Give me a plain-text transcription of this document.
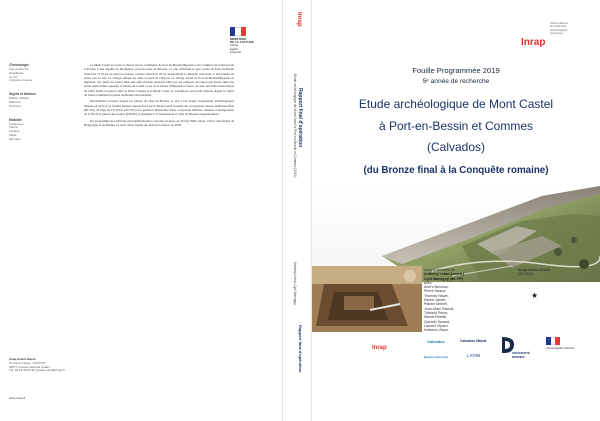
MINISTÈRE
DE LA CULTURE
Liberté
Égalité
Fraternité
Chronologie

Âge du Bronze

Néolithique

Le Fer

Antiquité romaine

Sujets et thèmes

Édifice militaire

Bâtiment

Structure

Mobilier

Céramique

Faune

Lithique

Métal

Monnaie

Le Mont Castel se trouve à cheval sur les communes de Port-en-Bessin-Huppain et de Commes sur le littoral du Calvados à une dizaine de kilomètres au nord-ouest de Bayeux. Le site dominant le port actuel de Port-en-Bessin d'environ 70 m est un éperon rocheux calcaire d'environ 20 ha surplombant la Manche côté nord et descendant en pente vers le sud. Le village antique est situé au pied de l'éperon. Le village actuel de Port-en-Bessin-Huppain est implanté, aux pieds du Castel dans une anfractuosité naturelle bâtie par les remparts de l'Aure qui forme ainsi une petite embouchure séparant le falaise du Castel à l'est de la falaise d'Huppain à l'ouest. Au sud, une butte interrompue du relief forme un goulot entre le Mont Castelet et le Mont Castel, et constitue le seul point d'entrée depuis la vallée de l'Aure terminant la plaine du Bessin environnante.

Durablement occupée depuis les phases de l'âge du Bronze, le site a fait l'objet d'opérations archéologiques menées en 2016. Les fouilles menées depuis 2014 sur le Mont Castel révèlent des occupations datées du Bronze final (BF IIa), de l'âge du Fer (LTA-LTC/D1) et la présence importante d'une occupation militaire romaine contemporaine de la fin de la guerre des Gaules (LTD2b) et préalable à la fondation de la ville de Bayeux/Augustodurum.

Un programme de recherche pluri-institutionnel a été mis en place en 2014 (CNRS, Inrap, CD14, universités de Bourgogne et de Rennes 2), suivi d'une fouille qui devrait s'achever en 2020.

Inrap Grand-Ouest
37 rue du Nègre, CS 67737
35577 Cesson-Sévigné Cedex
Tél. 02 23 36 00 40, grand-ouest@inrap.fr
www.inrap.fr
Inrap
Rapport final d'opération
Etude archéologique de Mont Castel à Port-en-Bessin et Commes (2019)
Anthony Lefort, Cyril Marcigny
Rapport final d'opération
Institut national
de recherches
archéologiques
préventives
Inrap
Fouille Programmée 2019
5ᵉ année de recherche
Etude archéologique de Mont Castel
à Port-en-Bessin et Commes
(Calvados)
(du Bronze final à la Conquête romaine)
sous la direction de
Anthony Lefort (coord.)
Cyril Marcigny (dir. FP)
avec
Axel's Bernoux,
Pierre Giraud,
Thomas Hauet,
Karine Jardel,
Patrice Méniel,
Jean-Marc Paturel,
Thibault Péron,
Michel Rebillé,
Quentin Savard,
Laurent Vipard,
Nolwenn Zaour.
Inrap Grand-Ouest
Mai 2020
★
Inrap
Calvados
Bayeux Intercom
Calvados littoral
LATIM	UNIVERSITÉ RENNES
Liberté Égalité Fraternité
